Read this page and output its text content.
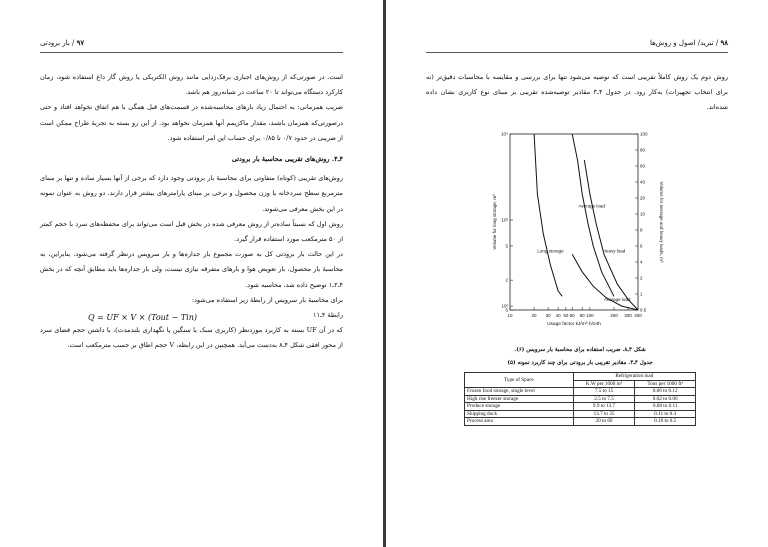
۹۷ / بار برودتی

است. در صورتی‌که از روش‌های اجباری برفک‌زدایی مانند روش الکتریکی یا روش گاز داغ استفاده شود، زمان کارکرد دستگاه می‌تواند تا ۲۰ ساعت در شبانه‌روز هم باشد.

ضریب همزمانی: به احتمال زیاد بارهای محاسبه‌شده در قسمت‌های قبل همگی با هم اتفاق نخواهد افتاد و حتی درصورتی‌که همزمان باشند، مقدار ماکزیمم آنها همزمان نخواهد بود. از این رو بسته به تجربهٔ طراح ممکن است از ضریبی در حدود ۰/۷ تا ۰/۸۵ برای حساب این امر استفاده شود.

۴ـ۴. روش‌های تقریبی محاسبهٔ بار برودتی

روش‌های تقریبی (کوتاه) متفاوتی برای محاسبهٔ بار برودتی وجود دارد که برخی از آنها بسیار ساده و تنها بر مبنای مترمربع سطح سردخانه یا وزن محصول و برخی بر مبنای پارامترهای بیشتر قرار دارند. دو روش به عنوان نمونه در این بخش معرفی می‌شوند.

روش اول که نسبتاً ساده‌تر از روش معرفی شده در بخش قبل است می‌تواند برای محفظه‌های سرد با حجم کمتر از ۵۰ مترمکعب مورد استفاده قرار گیرد.

در این حالت بار برودتی کل به صورت مجموع بار جداره‌ها و بار سرویس درنظر گرفته می‌شود. بنابراین، به محاسبهٔ بار محصول، بار تعویض هوا و بارهای متفرقه نیازی نیست، ولی بار جداره‌ها باید مطابق آنچه که در بخش ۴ـ۲ـ۱ توضیح داده شد، محاسبه شود.

برای محاسبهٔ بار سرویس از رابطهٔ زیر استفاده می‌شود:

رابطهٔ ۴ـ۱۱
Q = UF × V × (Tout − Tin)

که در آن UF بسته به کاربرد موردنظر (کاربری سبک یا سنگین یا نگهداری بلندمدت)، با داشتن حجم فضای سرد از محور افقی شکل ۴ـ۸ به‌دست می‌آید. همچنین در این رابطه، V حجم اطاق بر حسب مترمکعب است.

۹۸ / تبرید/ اصول و روش‌ها

روش دوم یک روش کاملاً تقریبی است که توصیه می‌شود تنها برای بررسی و مقایسه با محاسبات دقیق‌تر (نه برای انتخاب تجهیزات) به‌کار رود. در جدول ۴ـ۳ مقادیر توصیه‌شده تقریبی بر مبنای نوع کاربری نشان داده شده‌اند.

10	20 30 40 50 60 80 100	200 300 400
Usage factor kJ/m³·h/24h
10⁴
10³
5
2
10²
5
Volume for long storage, m³
100
80
60
40
20
10
8
6
4
2
1
0.5
Volume for average and heavy loads, m³
Average load
Heavy load
Long storage
Average load
شکل ۴ـ۸. ضریب استفاده برای محاسبهٔ بار سرویس (۶).
جدول ۴ـ۳. مقادیر تقریبی بار برودتی برای چند کاربرد نمونه (۵)
Type of Space	Refrigeration load	
	K.W per 1000 m³	Tons per 1000 ft³
Frozen food storage, single level	7.5 to 15	0.06 to 0.12
High rise freezer storage	2.5 to 7.5	0.02 to 0.06
Produce storage	9.9 to 13.7	0.08 to 0.11
Shipping dock	13.7 to 35	0.11 to 0.3
Process area	20 to 60	0.16 to 0.5
